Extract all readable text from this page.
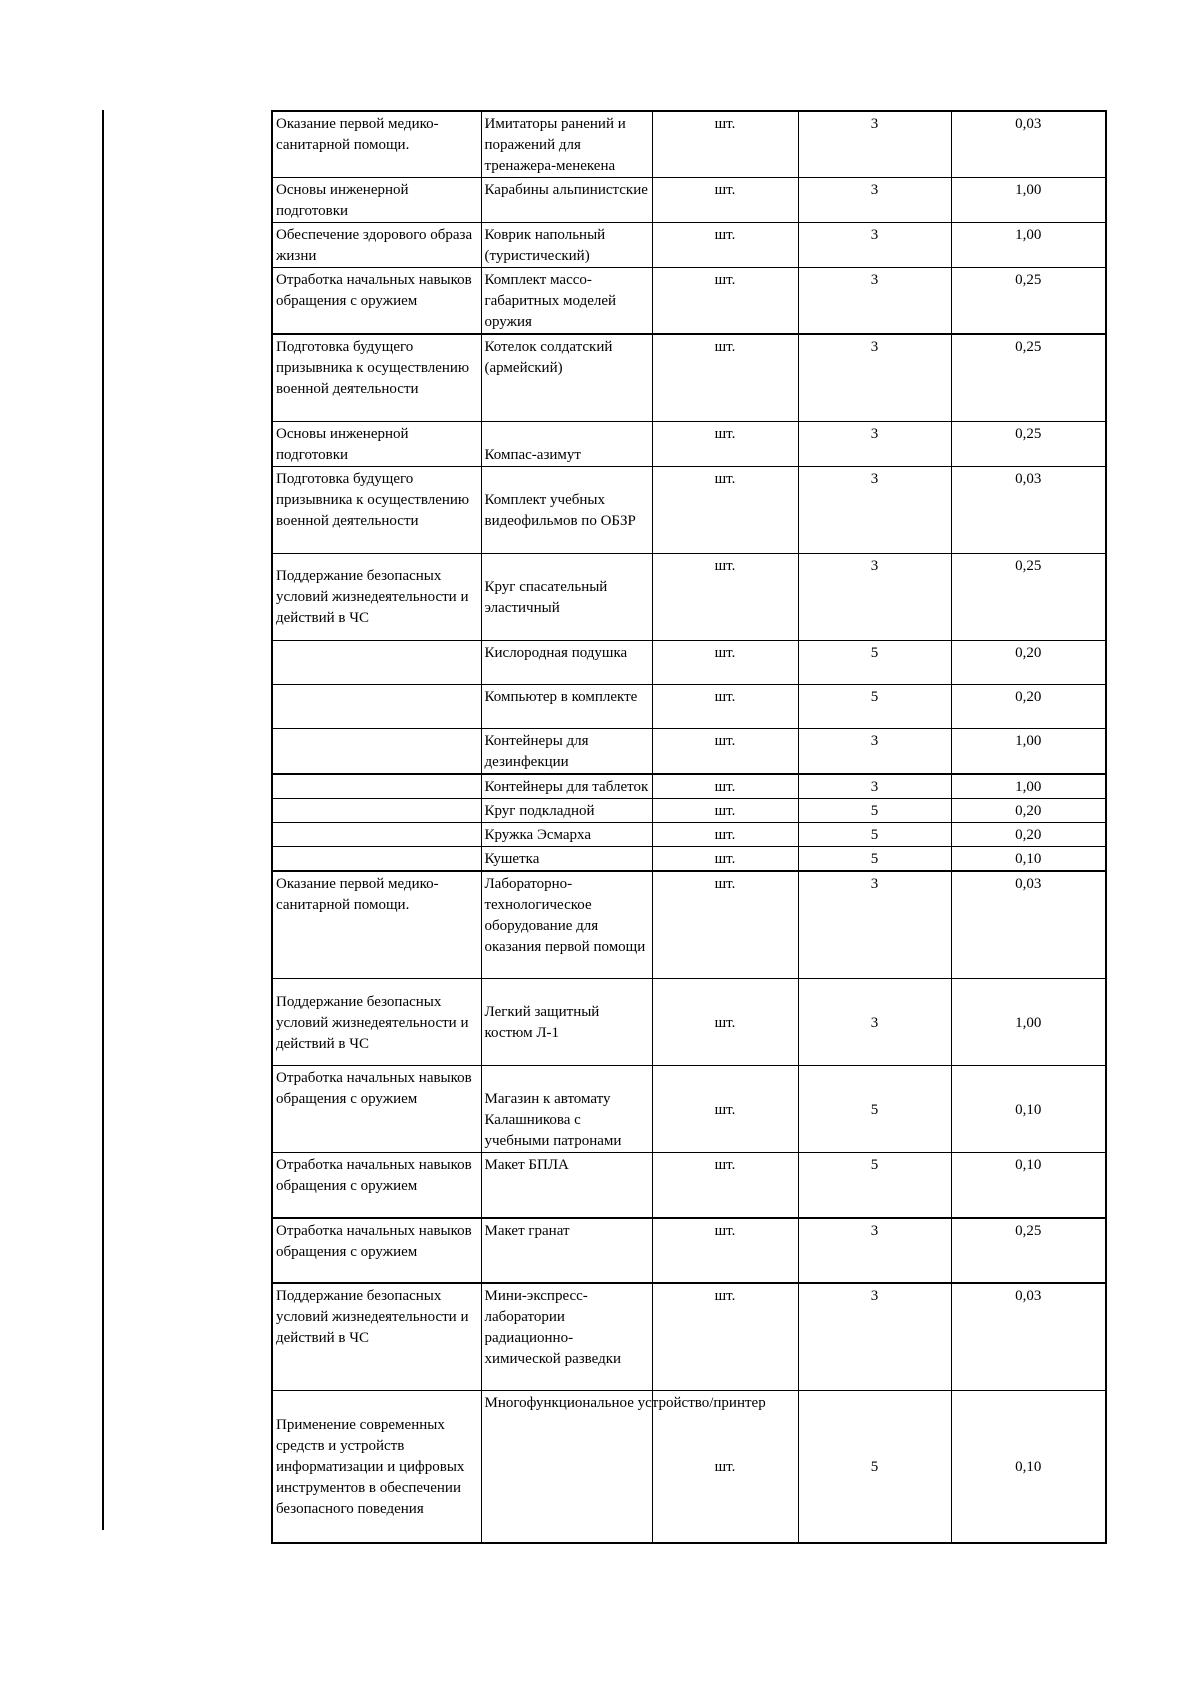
Оказание первой медико-санитарной помощи.	Имитаторы ранений и поражений для тренажера-менекена	шт.	3	0,03
Основы инженерной подготовки	Карабины альпинистские	шт.	3	1,00
Обеспечение здорового образа жизни	Коврик напольный (туристический)	шт.	3	1,00
Отработка начальных навыков обращения с оружием	Комплект массо-габаритных моделей оружия	шт.	3	0,25
Подготовка будущего призывника к осуществлению военной деятельности	Котелок солдатский (армейский)	шт.	3	0,25
Основы инженерной подготовки	Компас-азимут	шт.	3	0,25
Подготовка будущего призывника к осуществлению военной деятельности	Комплект учебных видеофильмов по ОБЗР	шт.	3	0,03
Поддержание безопасных условий жизнедеятельности и действий в ЧС	Круг спасательный эластичный	шт.	3	0,25
	Кислородная подушка	шт.	5	0,20
	Компьютер в комплекте	шт.	5	0,20
	Контейнеры для дезинфекции	шт.	3	1,00
	Контейнеры для таблеток	шт.	3	1,00
	Круг подкладной	шт.	5	0,20
	Кружка Эсмарха	шт.	5	0,20
	Кушетка	шт.	5	0,10
Оказание первой медико-санитарной помощи.	Лабораторно-технологическое оборудование для оказания первой помощи	шт.	3	0,03
Поддержание безопасных условий жизнедеятельности и действий в ЧС	Легкий защитный костюм Л-1	шт.	3	1,00
Отработка начальных навыков обращения с оружием	Магазин к автомату Калашникова с учебными патронами	шт.	5	0,10
Отработка начальных навыков обращения с оружием	Макет БПЛА	шт.	5	0,10
Отработка начальных навыков обращения с оружием	Макет гранат	шт.	3	0,25
Поддержание безопасных условий жизнедеятельности и действий в ЧС	Мини-экспресс-лаборатории радиационно-химической разведки	шт.	3	0,03
Применение современных средств и устройств информатизации и цифровых инструментов в обеспечении безопасного поведения	Многофункциональное устройство/принтер	шт.	5	0,10
